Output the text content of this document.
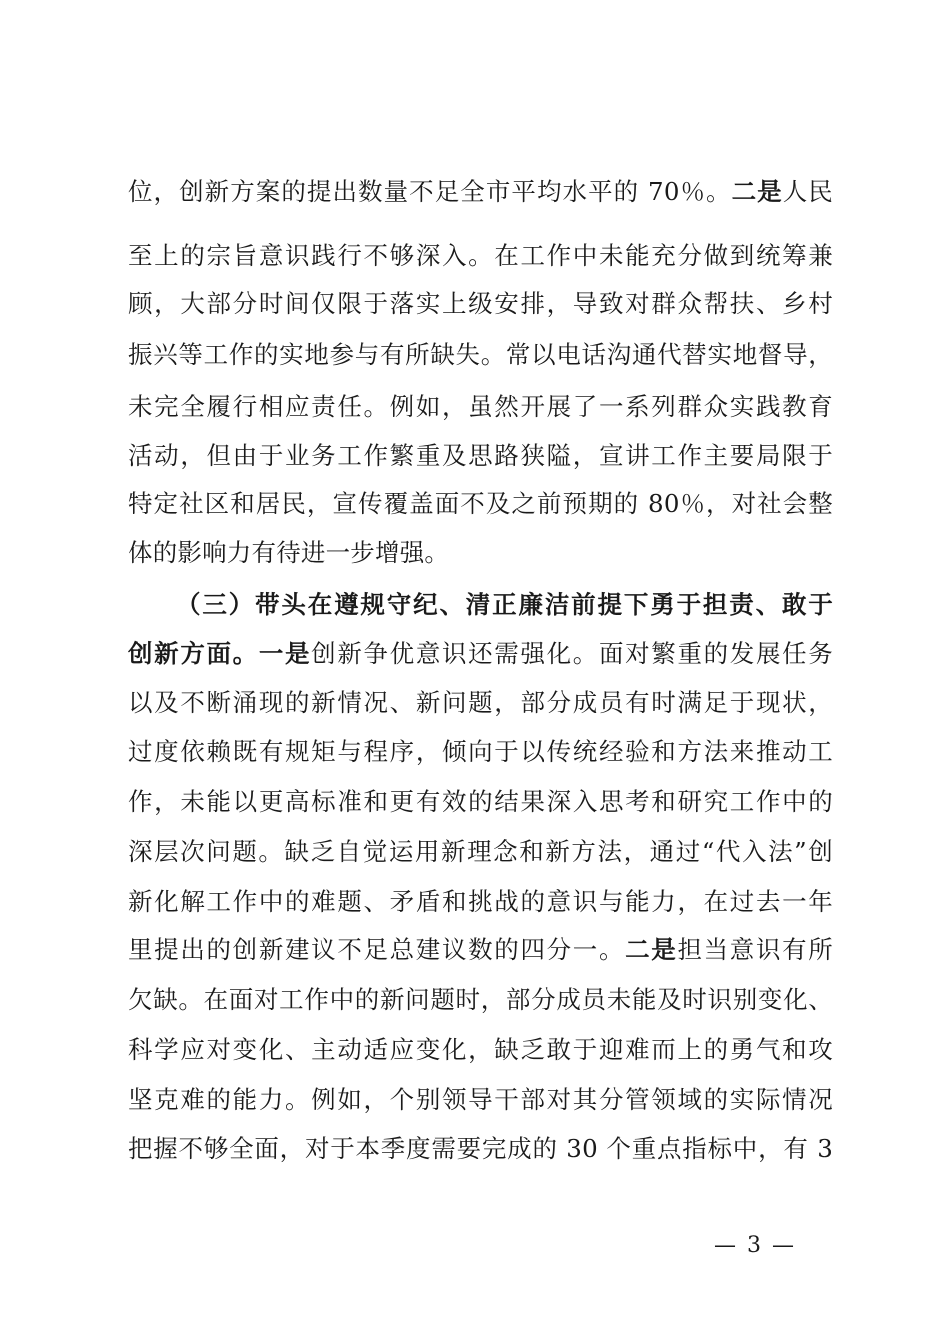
位，创新方案的提出数量不足全市平均水平的 70％。二是人民
至上的宗旨意识践行不够深入。在工作中未能充分做到统筹兼
顾，大部分时间仅限于落实上级安排，导致对群众帮扶、乡村
振兴等工作的实地参与有所缺失。常以电话沟通代替实地督导，
未完全履行相应责任。例如，虽然开展了一系列群众实践教育
活动，但由于业务工作繁重及思路狭隘，宣讲工作主要局限于
特定社区和居民，宣传覆盖面不及之前预期的 80％，对社会整
体的影响力有待进一步增强。
（三）带头在遵规守纪、清正廉洁前提下勇于担责、敢于
创新方面。一是创新争优意识还需强化。面对繁重的发展任务
以及不断涌现的新情况、新问题，部分成员有时满足于现状，
过度依赖既有规矩与程序，倾向于以传统经验和方法来推动工
作，未能以更高标准和更有效的结果深入思考和研究工作中的
深层次问题。缺乏自觉运用新理念和新方法，通过“代入法”创
新化解工作中的难题、矛盾和挑战的意识与能力，在过去一年
里提出的创新建议不足总建议数的四分一。二是担当意识有所
欠缺。在面对工作中的新问题时，部分成员未能及时识别变化、
科学应对变化、主动适应变化，缺乏敢于迎难而上的勇气和攻
坚克难的能力。例如，个别领导干部对其分管领域的实际情况
把握不够全面，对于本季度需要完成的 30 个重点指标中，有 3
— 3 —
